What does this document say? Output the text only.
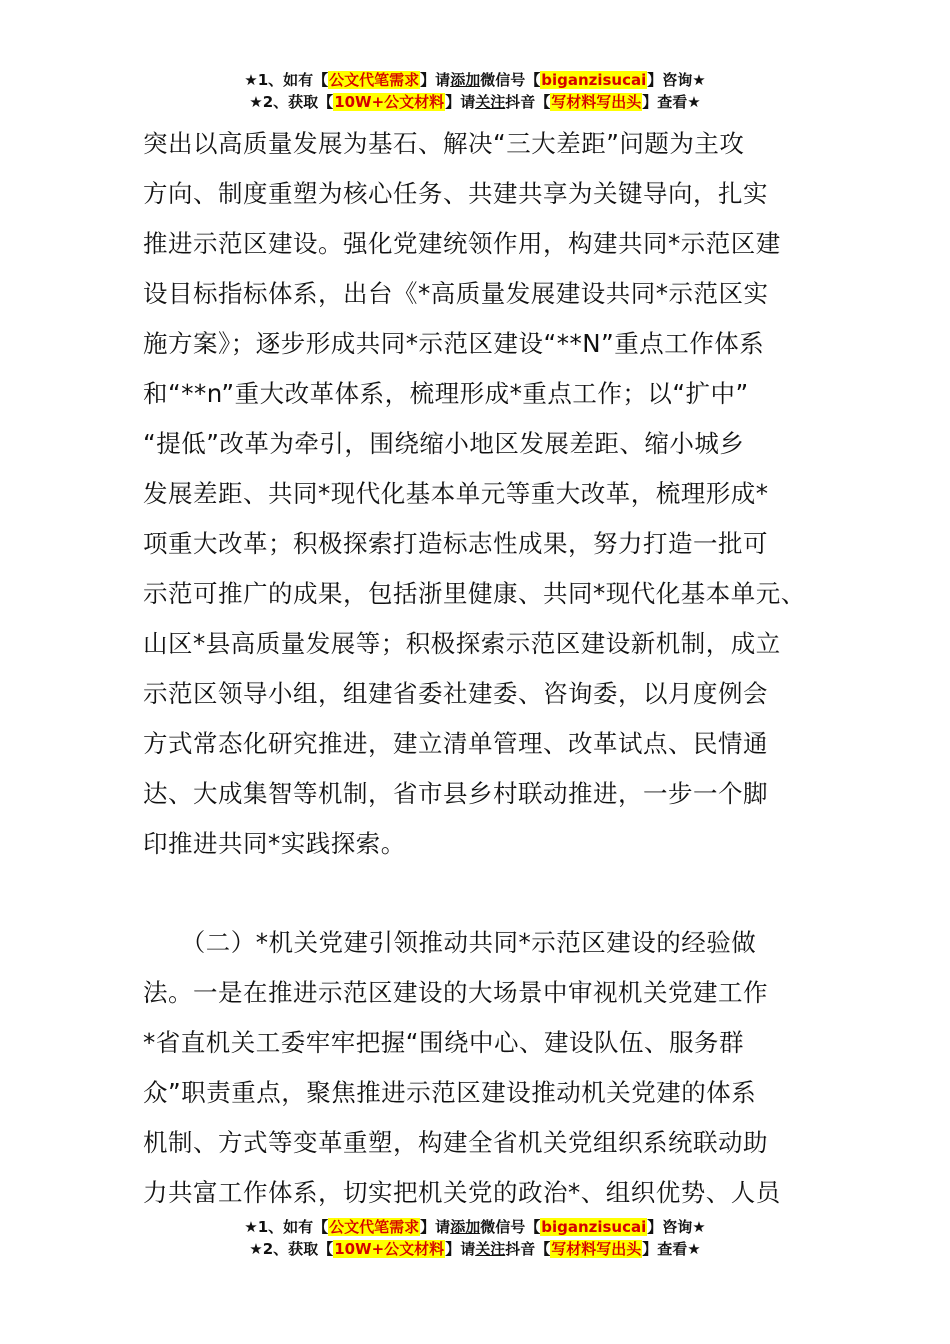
★1、如有【公文代笔需求】请添加微信号【biganzisucai】咨询★
★2、获取【10W+公文材料】请关注抖音【写材料写出头】查看★
突出以高质量发展为基石、解决“三大差距”问题为主攻
方向、制度重塑为核心任务、共建共享为关键导向，扎实
推进示范区建设。强化党建统领作用，构建共同*示范区建
设目标指标体系，出台《*高质量发展建设共同*示范区实
施方案》；逐步形成共同*示范区建设“**N”重点工作体系
和“**n”重大改革体系，梳理形成*重点工作；以“扩中”
“提低”改革为牵引，围绕缩小地区发展差距、缩小城乡
发展差距、共同*现代化基本单元等重大改革，梳理形成*
项重大改革；积极探索打造标志性成果，努力打造一批可
示范可推广的成果，包括浙里健康、共同*现代化基本单元、
山区*县高质量发展等；积极探索示范区建设新机制，成立
示范区领导小组，组建省委社建委、咨询委，以月度例会
方式常态化研究推进，建立清单管理、改革试点、民情通
达、大成集智等机制，省市县乡村联动推进，一步一个脚
印推进共同*实践探索。
　　（二）*机关党建引领推动共同*示范区建设的经验做
法。一是在推进示范区建设的大场景中审视机关党建工作
*省直机关工委牢牢把握“围绕中心、建设队伍、服务群
众”职责重点，聚焦推进示范区建设推动机关党建的体系
机制、方式等变革重塑，构建全省机关党组织系统联动助
力共富工作体系，切实把机关党的政治*、组织优势、人员
★1、如有【公文代笔需求】请添加微信号【biganzisucai】咨询★
★2、获取【10W+公文材料】请关注抖音【写材料写出头】查看★
